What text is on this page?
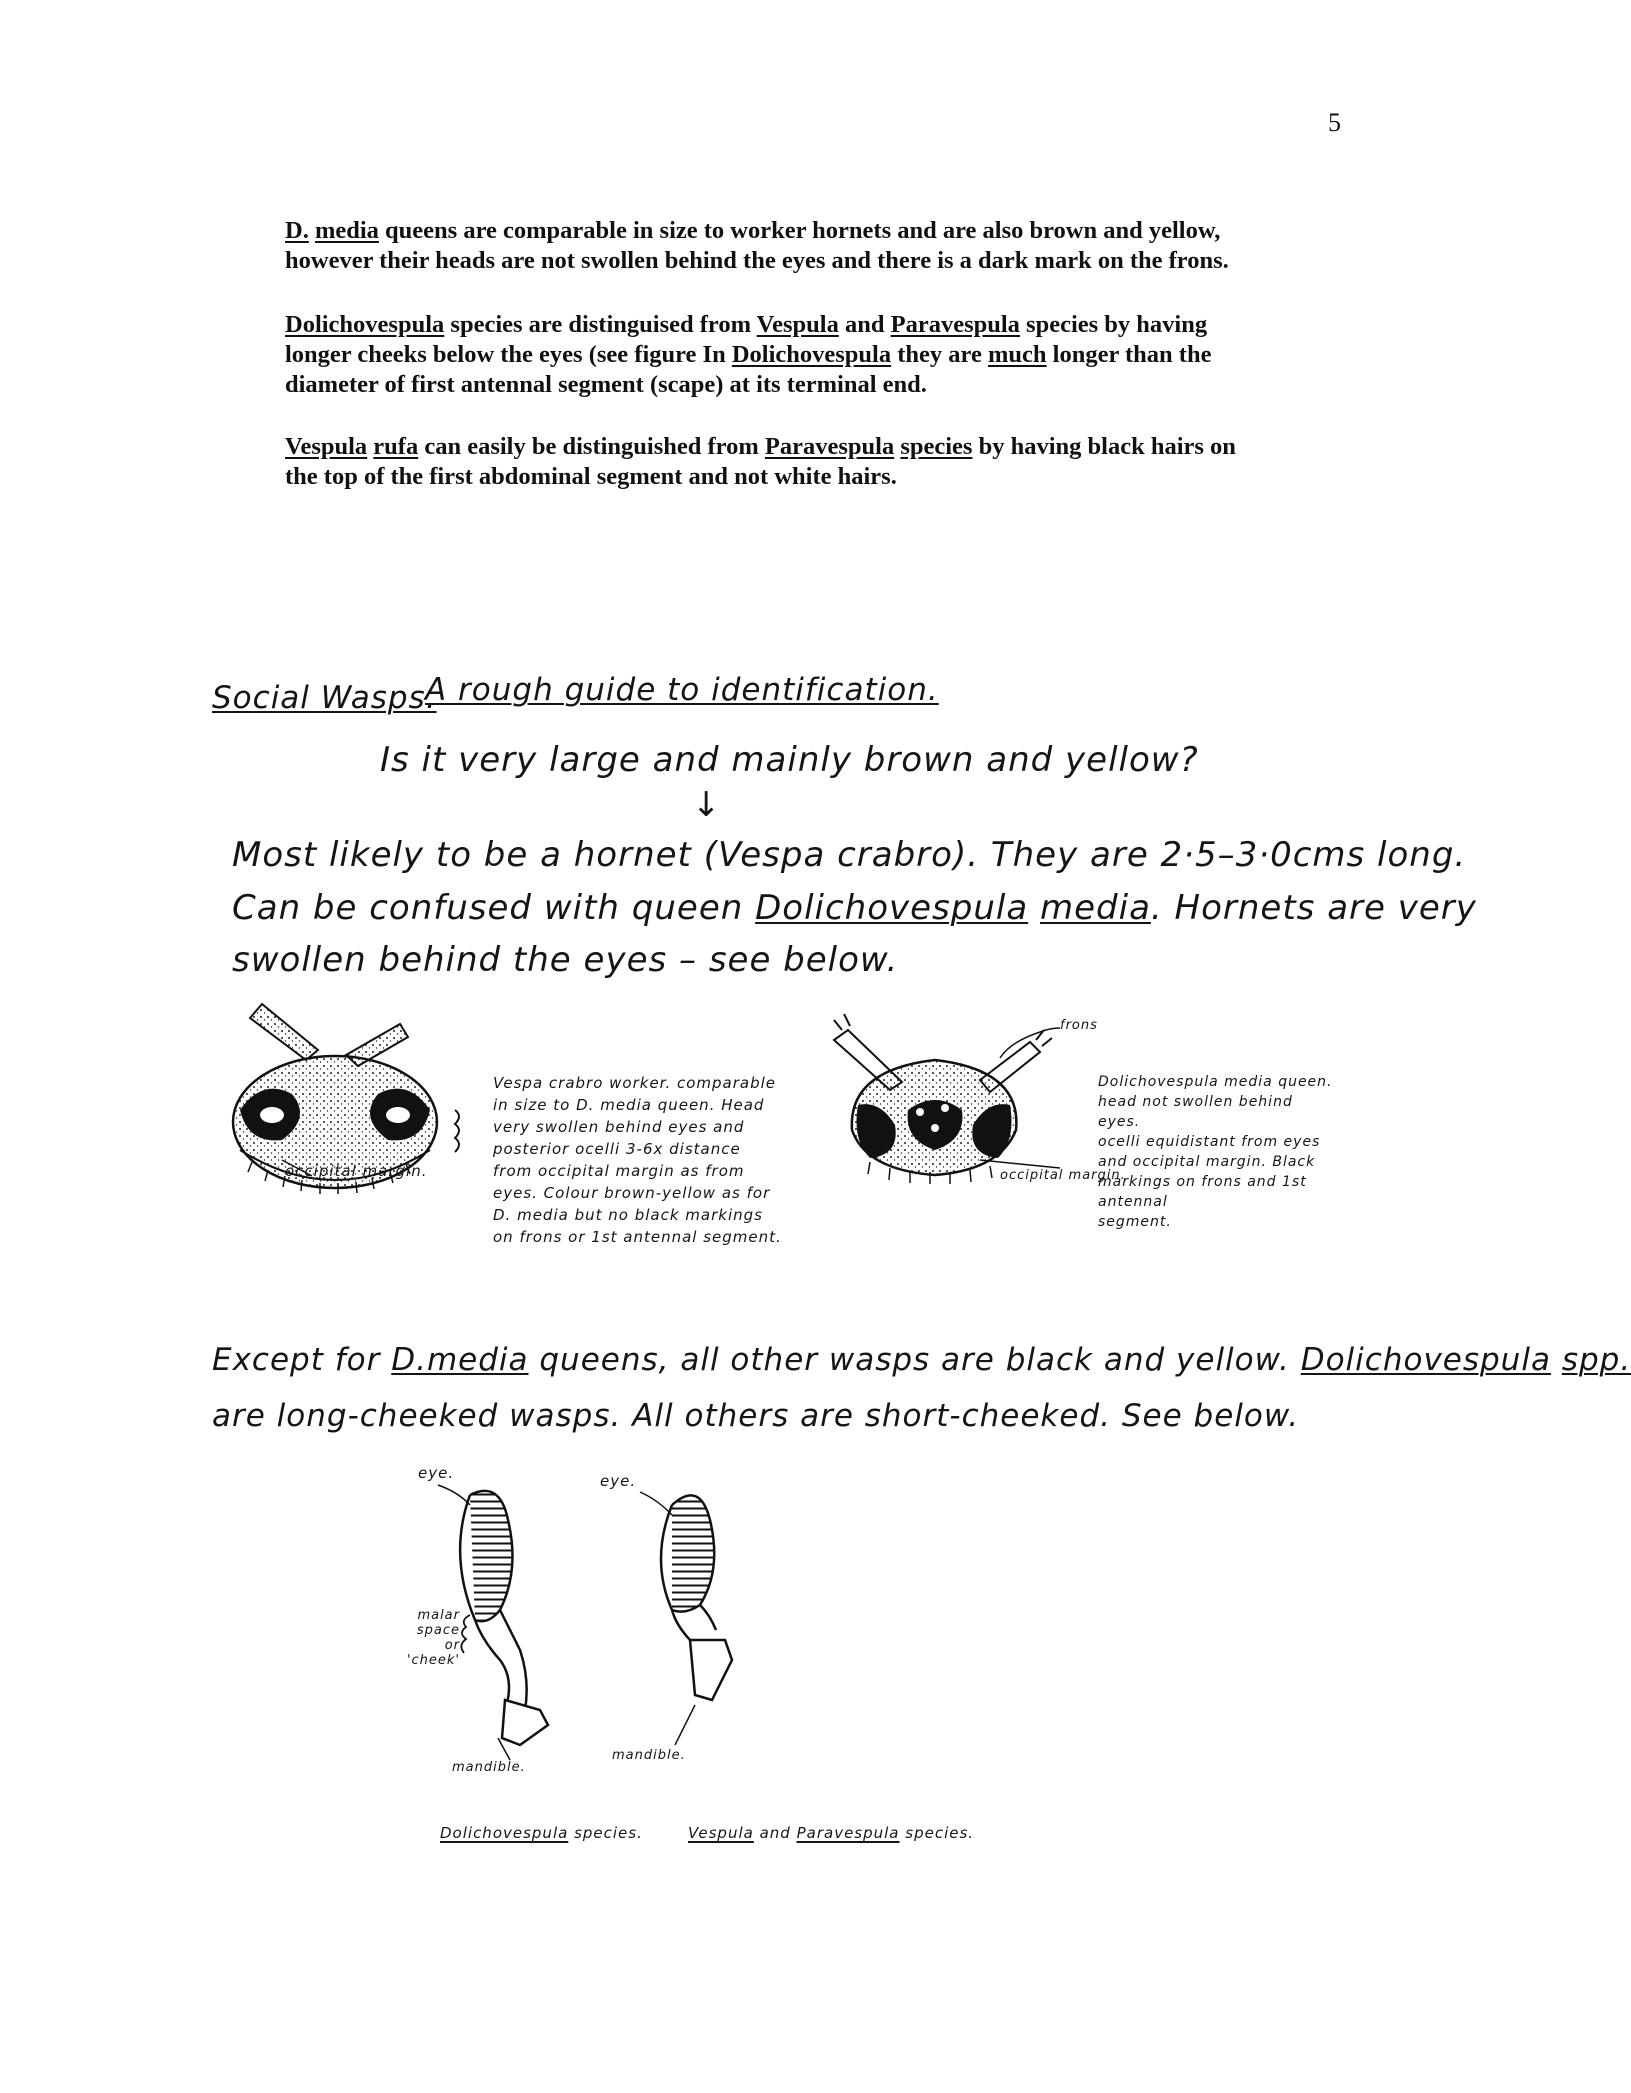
5
D. media queens are comparable in size to worker hornets and are also brown and yellow,
however their heads are not swollen behind the eyes and there is a dark mark on the frons.
Dolichovespula species are distinguised from Vespula and Paravespula species by having
longer cheeks below the eyes (see figure In Dolichovespula they are much longer than the
diameter of first antennal segment (scape) at its terminal end.
Vespula rufa can easily be distinguished from Paravespula species by having black hairs on
the top of the first abdominal segment and not white hairs.
Social Wasps.
A rough guide to identification.
Is it very large and mainly brown and yellow?
↓
Most likely to be a hornet (Vespa crabro). They are 2·5–3·0cms long.
Can be confused with queen Dolichovespula media. Hornets are very
swollen behind the eyes – see below.
occipital margin.
Vespa crabro worker. comparable
in size to D. media queen. Head
very swollen behind eyes and
posterior ocelli 3-6x distance
from occipital margin as from
eyes. Colour brown-yellow as for
D. media but no black markings
on frons or 1st antennal segment.
frons
occipital margin.
Dolichovespula media queen.
head not swollen behind eyes.
ocelli equidistant from eyes
and occipital margin. Black
markings on frons and 1st antennal
segment.
Except for D.media queens, all other wasps are black and yellow. Dolichovespula spp.
are long-cheeked wasps. All others are short-cheeked. See below.
eye.	eye.
malar
space
or 'cheek'
mandible.
mandible.
Dolichovespula species.	Vespula and Paravespula species.
